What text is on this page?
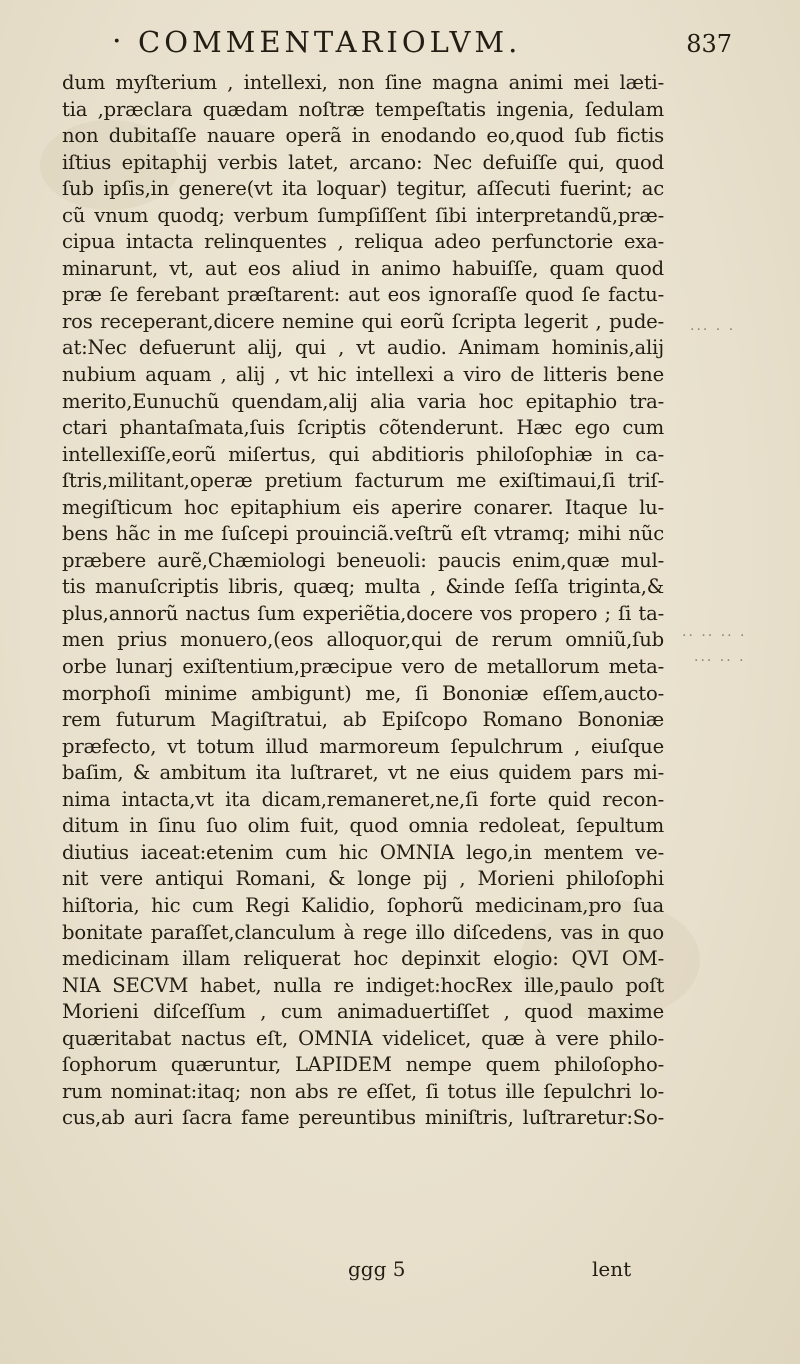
· COMMENTARIOLVM.	837
dum myſterium , intellexi, non ſine magna animi mei læti-
tia ,præclara quædam noſtræ tempeſtatis ingenia, ſedulam
non dubitaſſe nauare operã in enodando eo,quod ſub fictis
iſtius epitaphij verbis latet, arcano: Nec defuiſſe qui, quod
ſub ipſis,in genere(vt ita loquar) tegitur, aſſecuti fuerint; ac
cũ vnum quodq; verbum ſumpſiſſent ſibi interpretandũ,præ-
cipua intacta relinquentes , reliqua adeo perfunctorie exa-
minarunt, vt, aut eos aliud in animo habuiſſe, quam quod
præ ſe ferebant præſtarent: aut eos ignoraſſe quod ſe factu-
ros receperant,dicere nemine qui eorũ ſcripta legerit , pude-
at:Nec defuerunt alij, qui , vt audio. Animam hominis,alij
nubium aquam , alij , vt hic intellexi a viro de litteris bene
merito,Eunuchũ quendam,alij alia varia hoc epitaphio tra-
ctari phantaſmata,ſuis ſcriptis cõtenderunt. Hæc ego cum
intellexiſſe,eorũ miſertus, qui abditioris philoſophiæ in ca-
ſtris,militant,operæ pretium facturum me exiſtimaui,ſi triſ-
megiſticum hoc epitaphium eis aperire conarer. Itaque lu-
bens hãc in me ſuſcepi prouinciã.veſtrũ eſt vtramq; mihi nũc
præbere aurẽ,Chæmiologi beneuoli: paucis enim,quæ mul-
tis manuſcriptis libris, quæq; multa , &inde ſeſſa triginta,&
plus,annorũ nactus ſum experiẽtia,docere vos propero ; ſi ta-
men prius monuero,(eos alloquor,qui de rerum omniũ,ſub
orbe lunarj exiſtentium,præcipue vero de metallorum meta-
morphoſi minime ambigunt) me, ſi Bononiæ eſſem,aucto-
rem futurum Magiſtratui, ab Epiſcopo Romano Bononiæ
præfecto, vt totum illud marmoreum ſepulchrum , eiuſque
baſim, & ambitum ita luſtraret, vt ne eius quidem pars mi-
nima intacta,vt ita dicam,remaneret,ne,ſi forte quid recon-
ditum in ſinu ſuo olim fuit, quod omnia redoleat, ſepultum
diutius iaceat:etenim cum hic OMNIA lego,in mentem ve-
nit vere antiqui Romani, & longe pij , Morieni philoſophi
hiſtoria, hic cum Regi Kalidio, ſophorũ medicinam,pro ſua
bonitate paraſſet,clanculum à rege illo diſcedens, vas in quo
medicinam illam reliquerat hoc depinxit elogio: QVI OM-
NIA SECVM habet, nulla re indiget:hocRex ille,paulo poſt
Morieni diſceſſum , cum animaduertiſſet , quod maxime
quæritabat nactus eſt, OMNIA videlicet, quæ à vere philo-
ſophorum quæruntur, LAPIDEM nempe quem philoſopho-
rum nominat:itaq; non abs re eſſet, ſi totus ille ſepulchri lo-
cus,ab auri ſacra fame pereuntibus miniſtris, luſtraretur:So-
ggg 5	lent
··· · ·
·· ·· ·· ·
··· ·· ·
